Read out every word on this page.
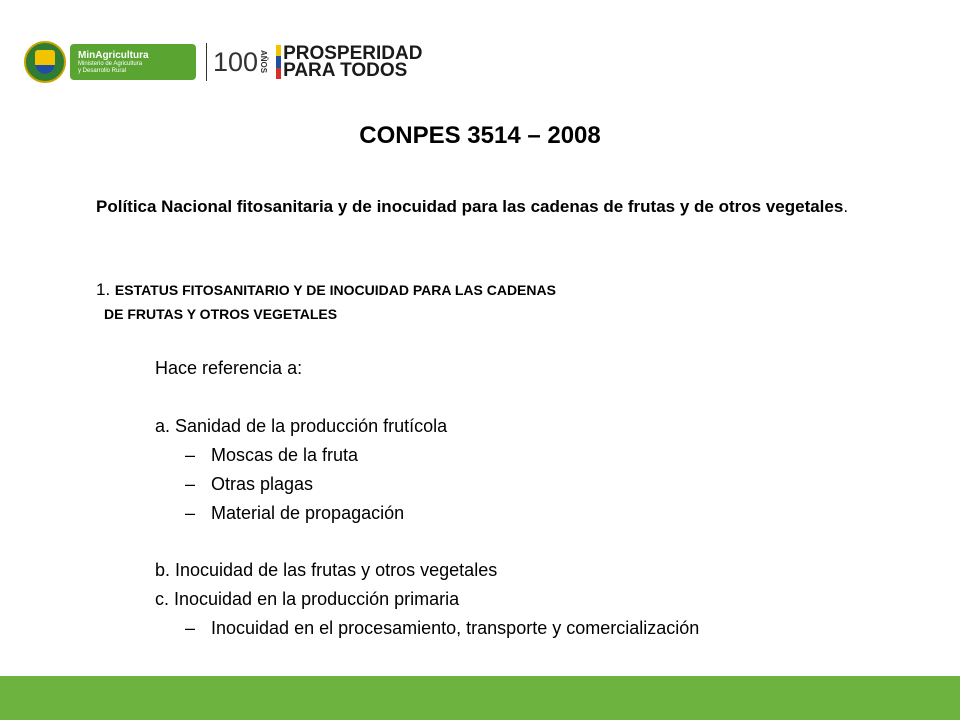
MinAgricultura
Ministerio de Agricultura
y Desarrollo Rural	100 AÑOS PROSPERIDAD
PARA TODOS
CONPES 3514 – 2008
Política Nacional fitosanitaria y de inocuidad para las cadenas de frutas y de otros vegetales.
1. ESTATUS FITOSANITARIO Y DE INOCUIDAD PARA LAS CADENAS
DE FRUTAS Y OTROS VEGETALES
Hace referencia a:
a. Sanidad de la producción frutícola
– Moscas de la fruta
– Otras plagas
– Material de propagación
b. Inocuidad de las frutas y otros vegetales
c. Inocuidad en la producción primaria
– Inocuidad en el procesamiento, transporte y comercialización
